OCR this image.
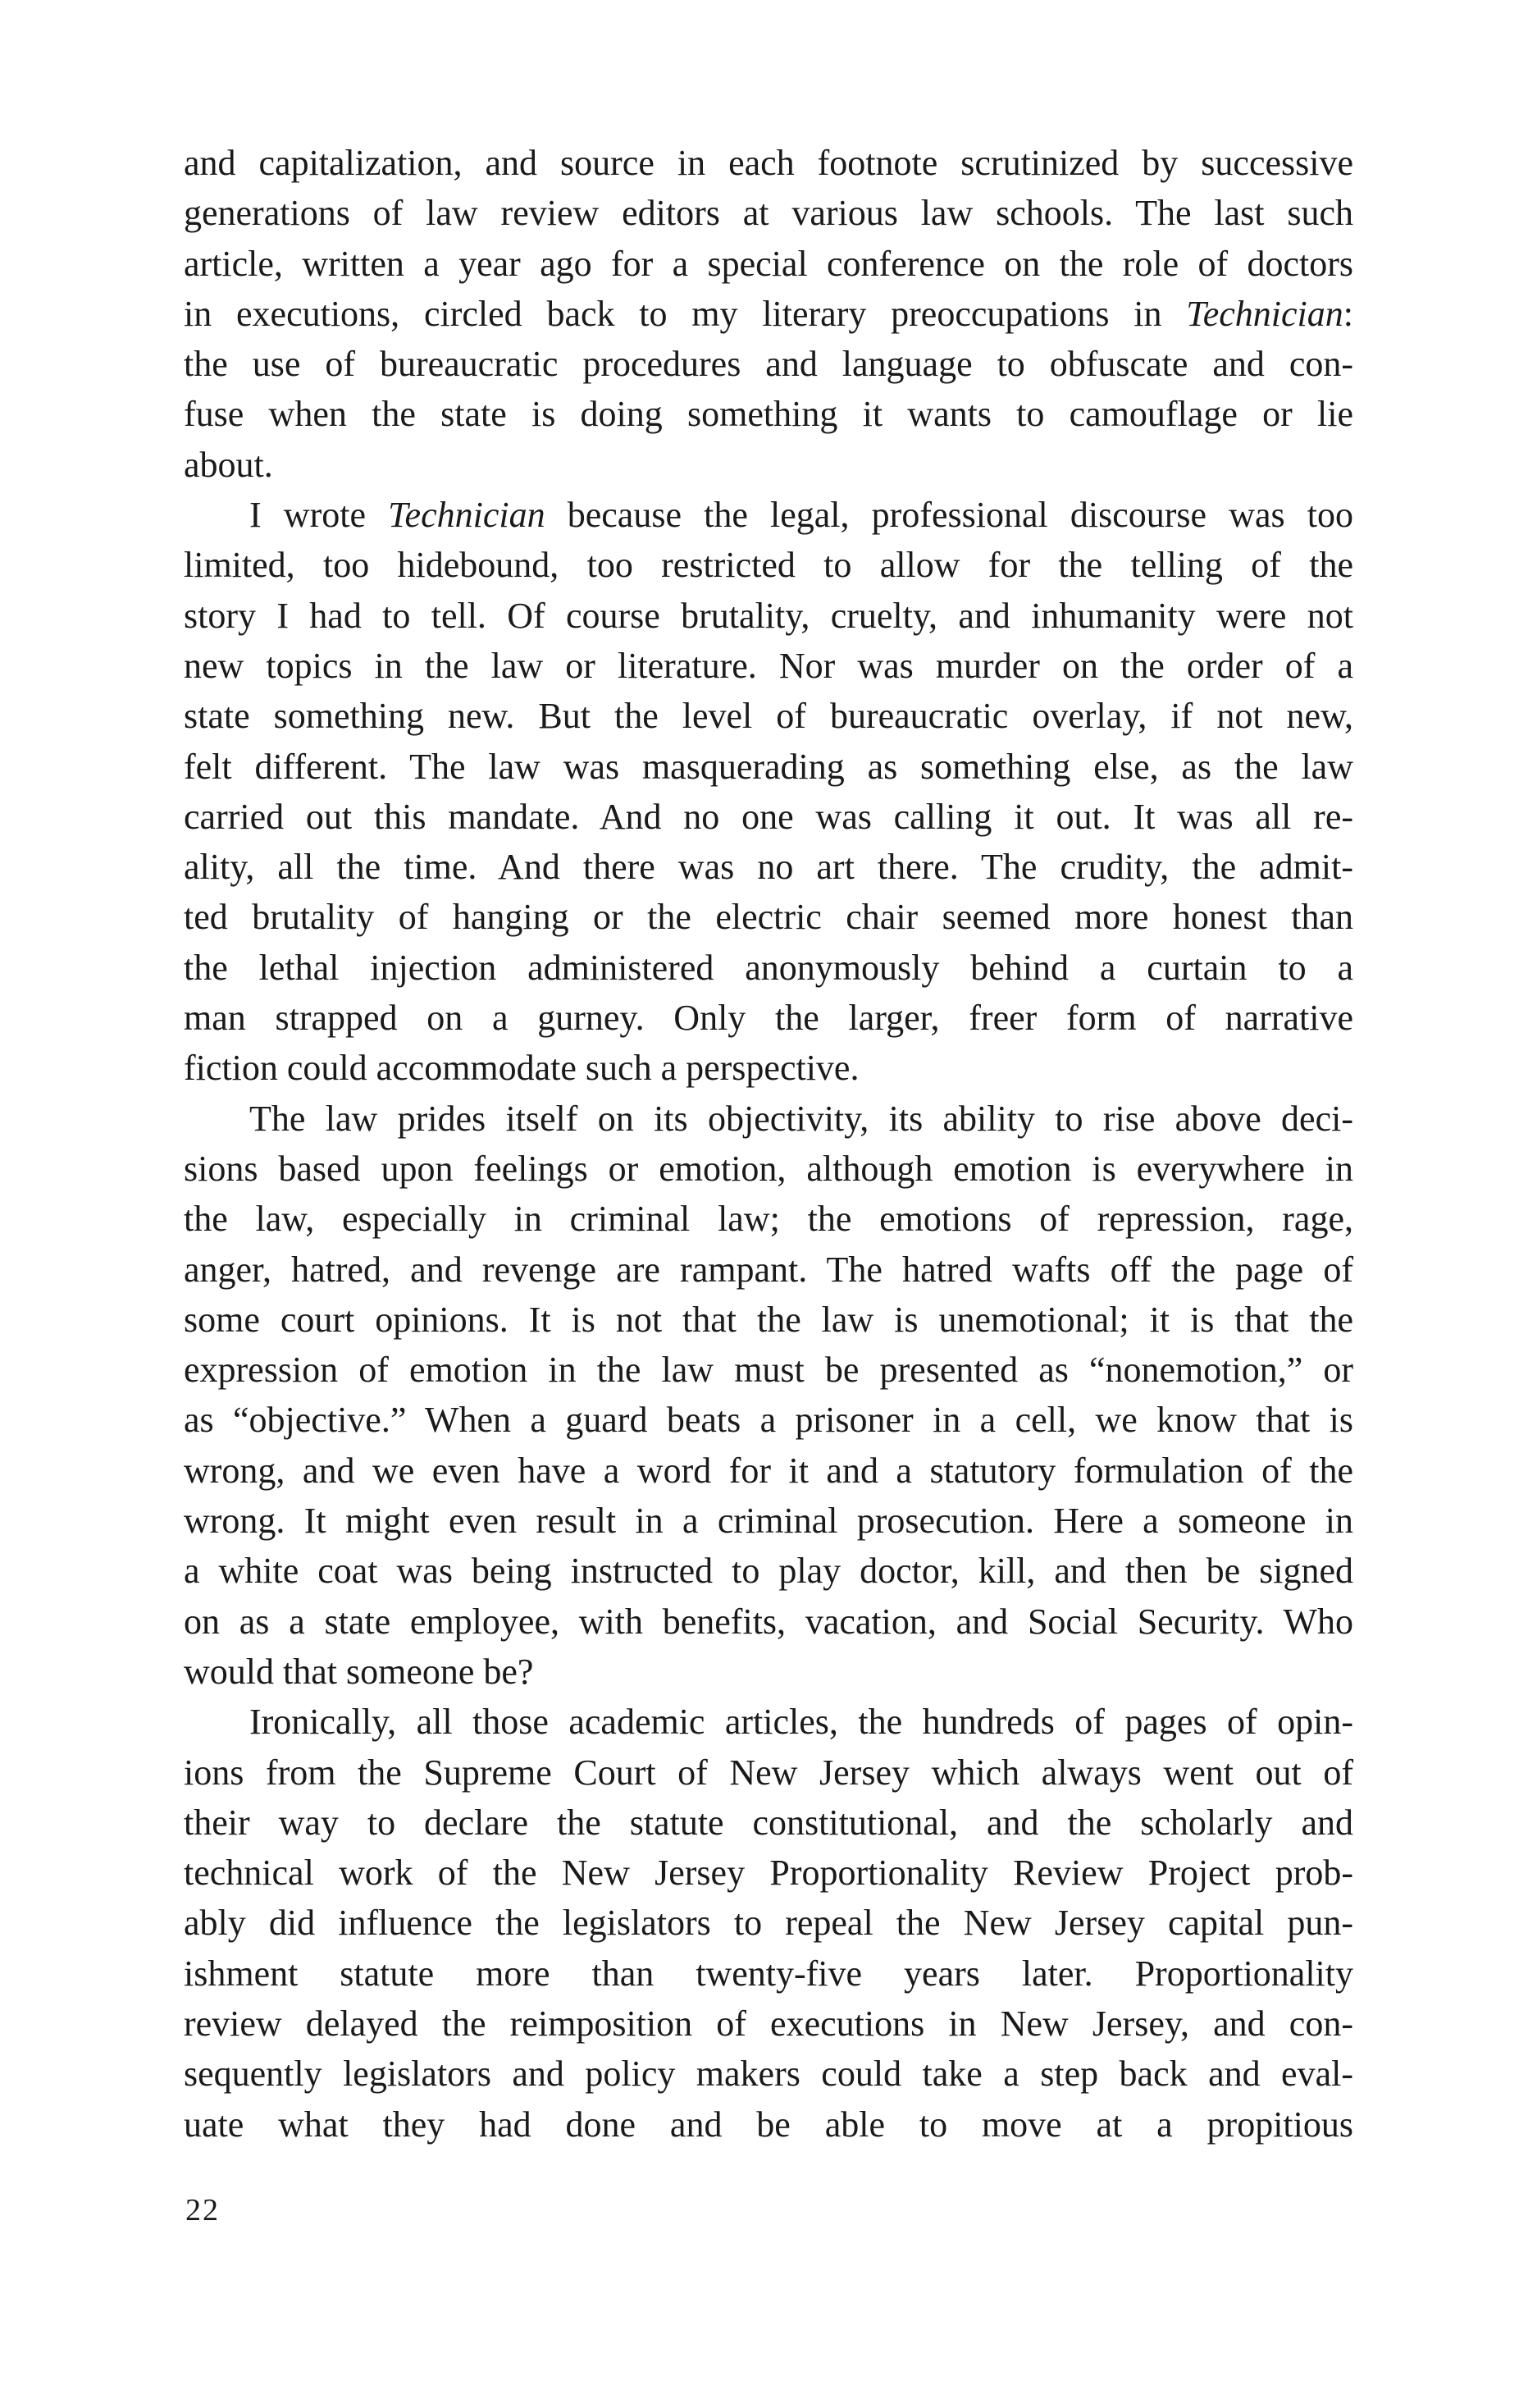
and capitalization, and source in each footnote scrutinized by successive
generations of law review editors at various law schools. The last such
article, written a year ago for a special conference on the role of doctors
in executions, circled back to my literary preoccupations in Technician:
the use of bureaucratic procedures and language to obfuscate and con-
fuse when the state is doing something it wants to camouflage or lie
about.
I wrote Technician because the legal, professional discourse was too
limited, too hidebound, too restricted to allow for the telling of the
story I had to tell. Of course brutality, cruelty, and inhumanity were not
new topics in the law or literature. Nor was murder on the order of a
state something new. But the level of bureaucratic overlay, if not new,
felt different. The law was masquerading as something else, as the law
carried out this mandate. And no one was calling it out. It was all re-
ality, all the time. And there was no art there. The crudity, the admit-
ted brutality of hanging or the electric chair seemed more honest than
the lethal injection administered anonymously behind a curtain to a
man strapped on a gurney. Only the larger, freer form of narrative
fiction could accommodate such a perspective.
The law prides itself on its objectivity, its ability to rise above deci-
sions based upon feelings or emotion, although emotion is everywhere in
the law, especially in criminal law; the emotions of repression, rage,
anger, hatred, and revenge are rampant. The hatred wafts off the page of
some court opinions. It is not that the law is unemotional; it is that the
expression of emotion in the law must be presented as “nonemotion,” or
as “objective.” When a guard beats a prisoner in a cell, we know that is
wrong, and we even have a word for it and a statutory formulation of the
wrong. It might even result in a criminal prosecution. Here a someone in
a white coat was being instructed to play doctor, kill, and then be signed
on as a state employee, with benefits, vacation, and Social Security. Who
would that someone be?
Ironically, all those academic articles, the hundreds of pages of opin-
ions from the Supreme Court of New Jersey which always went out of
their way to declare the statute constitutional, and the scholarly and
technical work of the New Jersey Proportionality Review Project prob-
ably did influence the legislators to repeal the New Jersey capital pun-
ishment statute more than twenty-five years later. Proportionality
review delayed the reimposition of executions in New Jersey, and con-
sequently legislators and policy makers could take a step back and eval-
uate what they had done and be able to move at a propitious
22
